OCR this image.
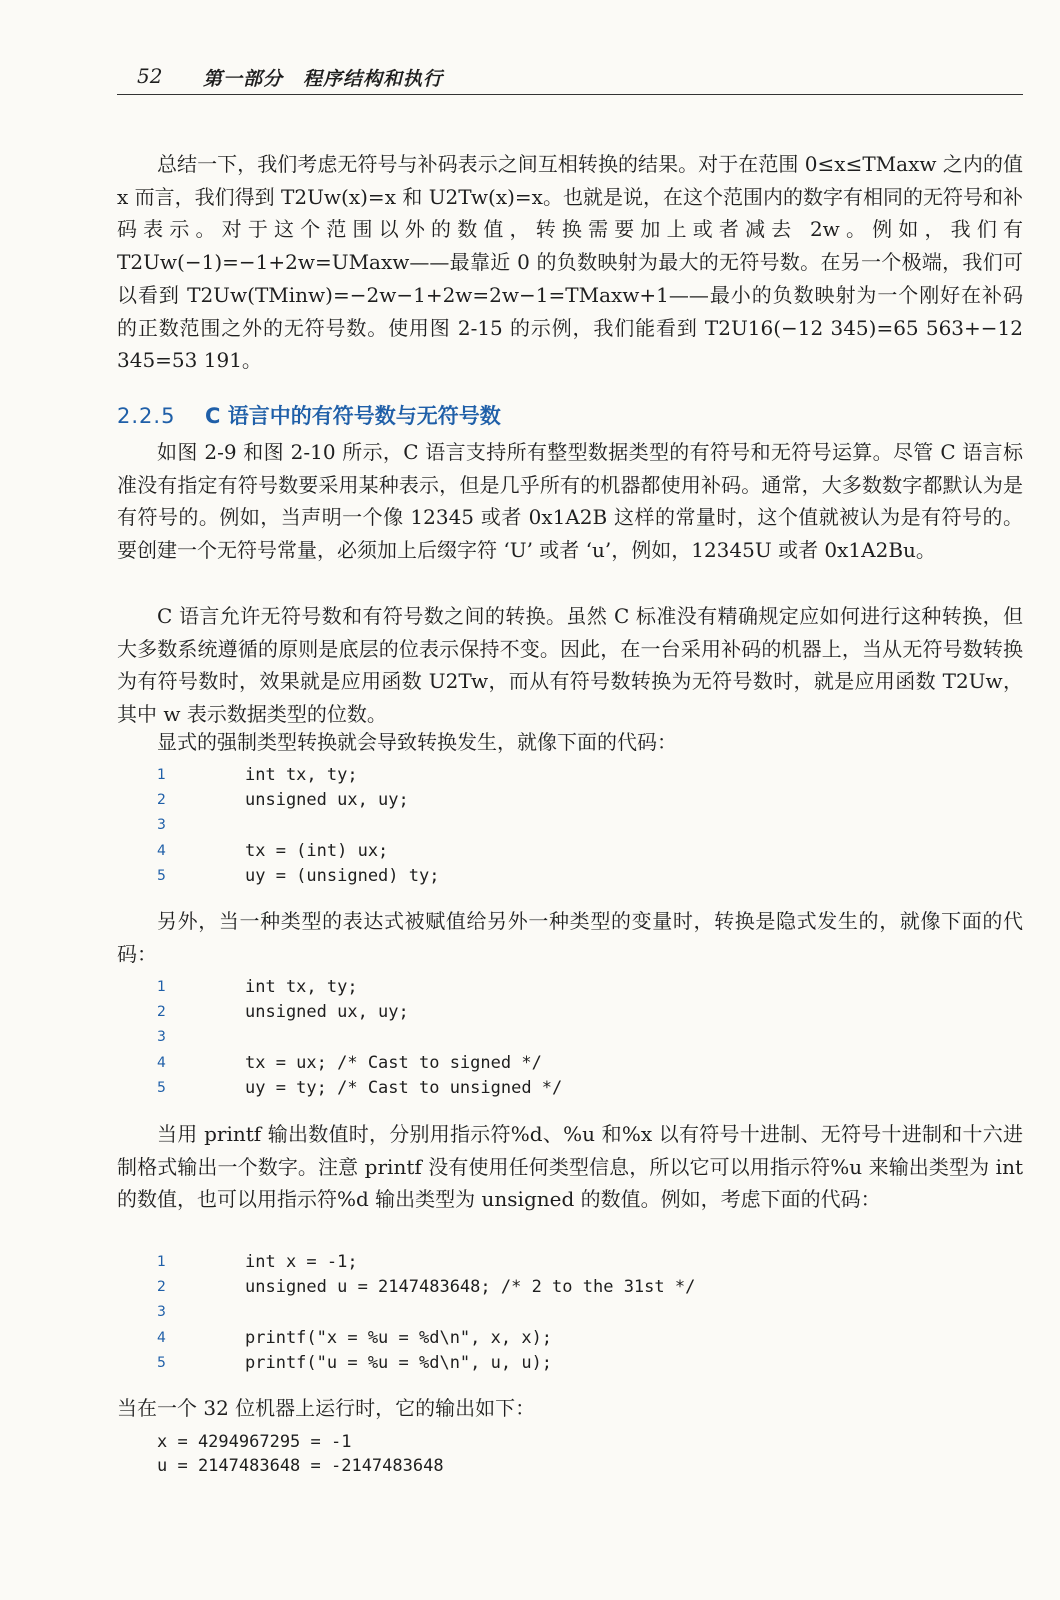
52 第一部分　程序结构和执行

总结一下，我们考虑无符号与补码表示之间互相转换的结果。对于在范围 0≤x≤TMaxw 之内的值 x 而言，我们得到 T2Uw(x)=x 和 U2Tw(x)=x。也就是说，在这个范围内的数字有相同的无符号和补码表示。对于这个范围以外的数值，转换需要加上或者减去 2w。例如，我们有 T2Uw(−1)=−1+2w=UMaxw——最靠近 0 的负数映射为最大的无符号数。在另一个极端，我们可以看到 T2Uw(TMinw)=−2w−1+2w=2w−1=TMaxw+1——最小的负数映射为一个刚好在补码的正数范围之外的无符号数。使用图 2-15 的示例，我们能看到 T2U16(−12 345)=65 563+−12 345=53 191。

2.2.5 C 语言中的有符号数与无符号数

如图 2-9 和图 2-10 所示，C 语言支持所有整型数据类型的有符号和无符号运算。尽管 C 语言标准没有指定有符号数要采用某种表示，但是几乎所有的机器都使用补码。通常，大多数数字都默认为是有符号的。例如，当声明一个像 12345 或者 0x1A2B 这样的常量时，这个值就被认为是有符号的。要创建一个无符号常量，必须加上后缀字符 ‘U’ 或者 ‘u’，例如，12345U 或者 0x1A2Bu。

C 语言允许无符号数和有符号数之间的转换。虽然 C 标准没有精确规定应如何进行这种转换，但大多数系统遵循的原则是底层的位表示保持不变。因此，在一台采用补码的机器上，当从无符号数转换为有符号数时，效果就是应用函数 U2Tw，而从有符号数转换为无符号数时，就是应用函数 T2Uw，其中 w 表示数据类型的位数。

显式的强制类型转换就会导致转换发生，就像下面的代码：

1	int tx, ty;
2	unsigned ux, uy;
3
4	tx = (int) ux;
5	uy = (unsigned) ty;

另外，当一种类型的表达式被赋值给另外一种类型的变量时，转换是隐式发生的，就像下面的代码：

1	int tx, ty;
2	unsigned ux, uy;
3
4	tx = ux; /* Cast to signed */
5	uy = ty; /* Cast to unsigned */

当用 printf 输出数值时，分别用指示符%d、%u 和%x 以有符号十进制、无符号十进制和十六进制格式输出一个数字。注意 printf 没有使用任何类型信息，所以它可以用指示符%u 来输出类型为 int 的数值，也可以用指示符%d 输出类型为 unsigned 的数值。例如，考虑下面的代码：

1	int x = -1;
2	unsigned u = 2147483648; /* 2 to the 31st */
3
4	printf("x = %u = %d\n", x, x);
5	printf("u = %u = %d\n", u, u);

当在一个 32 位机器上运行时，它的输出如下：

x = 4294967295 = -1
u = 2147483648 = -2147483648
